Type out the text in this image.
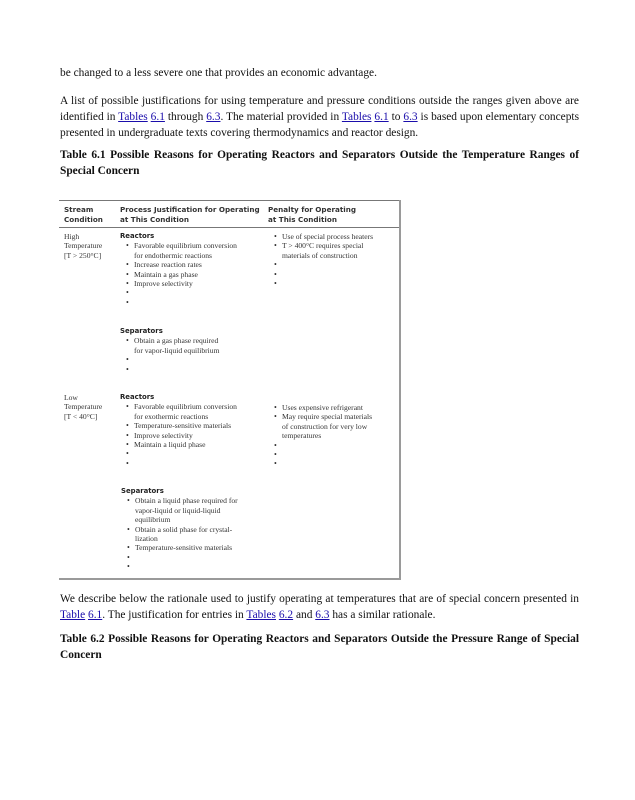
be changed to a less severe one that provides an economic advantage.

A list of possible justifications for using temperature and pressure conditions outside the ranges given above are identified in Tables 6.1 through 6.3. The material provided in Tables 6.1 to 6.3 is based upon elementary concepts presented in undergraduate texts covering thermodynamics and reactor design.

Table 6.1 Possible Reasons for Operating Reactors and Separators Outside the Temperature Ranges of Special Concern

Stream
Condition
Process Justification for Operating
at This Condition
Penalty for Operating
at This Condition
High
Temperature
[T > 250°C]
Reactors
• Favorable equilibrium conversion
for endothermic reactions
• Increase reaction rates
• Maintain a gas phase
• Improve selectivity
•
•
Separators
• Obtain a gas phase required
for vapor-liquid equilibrium
•
•
• Use of special process heaters
• T > 400°C requires special
materials of construction
•
•
•
Low
Temperature
[T < 40°C]
Reactors
• Favorable equilibrium conversion
for exothermic reactions
• Temperature-sensitive materials
• Improve selectivity
• Maintain a liquid phase
•
•
Separators
• Obtain a liquid phase required for
vapor-liquid or liquid-liquid
equilibrium
• Obtain a solid phase for crystal-
lization
• Temperature-sensitive materials
•
•
• Uses expensive refrigerant
• May require special materials
of construction for very low
temperatures
•
•
•

We describe below the rationale used to justify operating at temperatures that are of special concern presented in Table 6.1. The justification for entries in Tables 6.2 and 6.3 has a similar rationale.

Table 6.2 Possible Reasons for Operating Reactors and Separators Outside the Pressure Range of Special Concern
